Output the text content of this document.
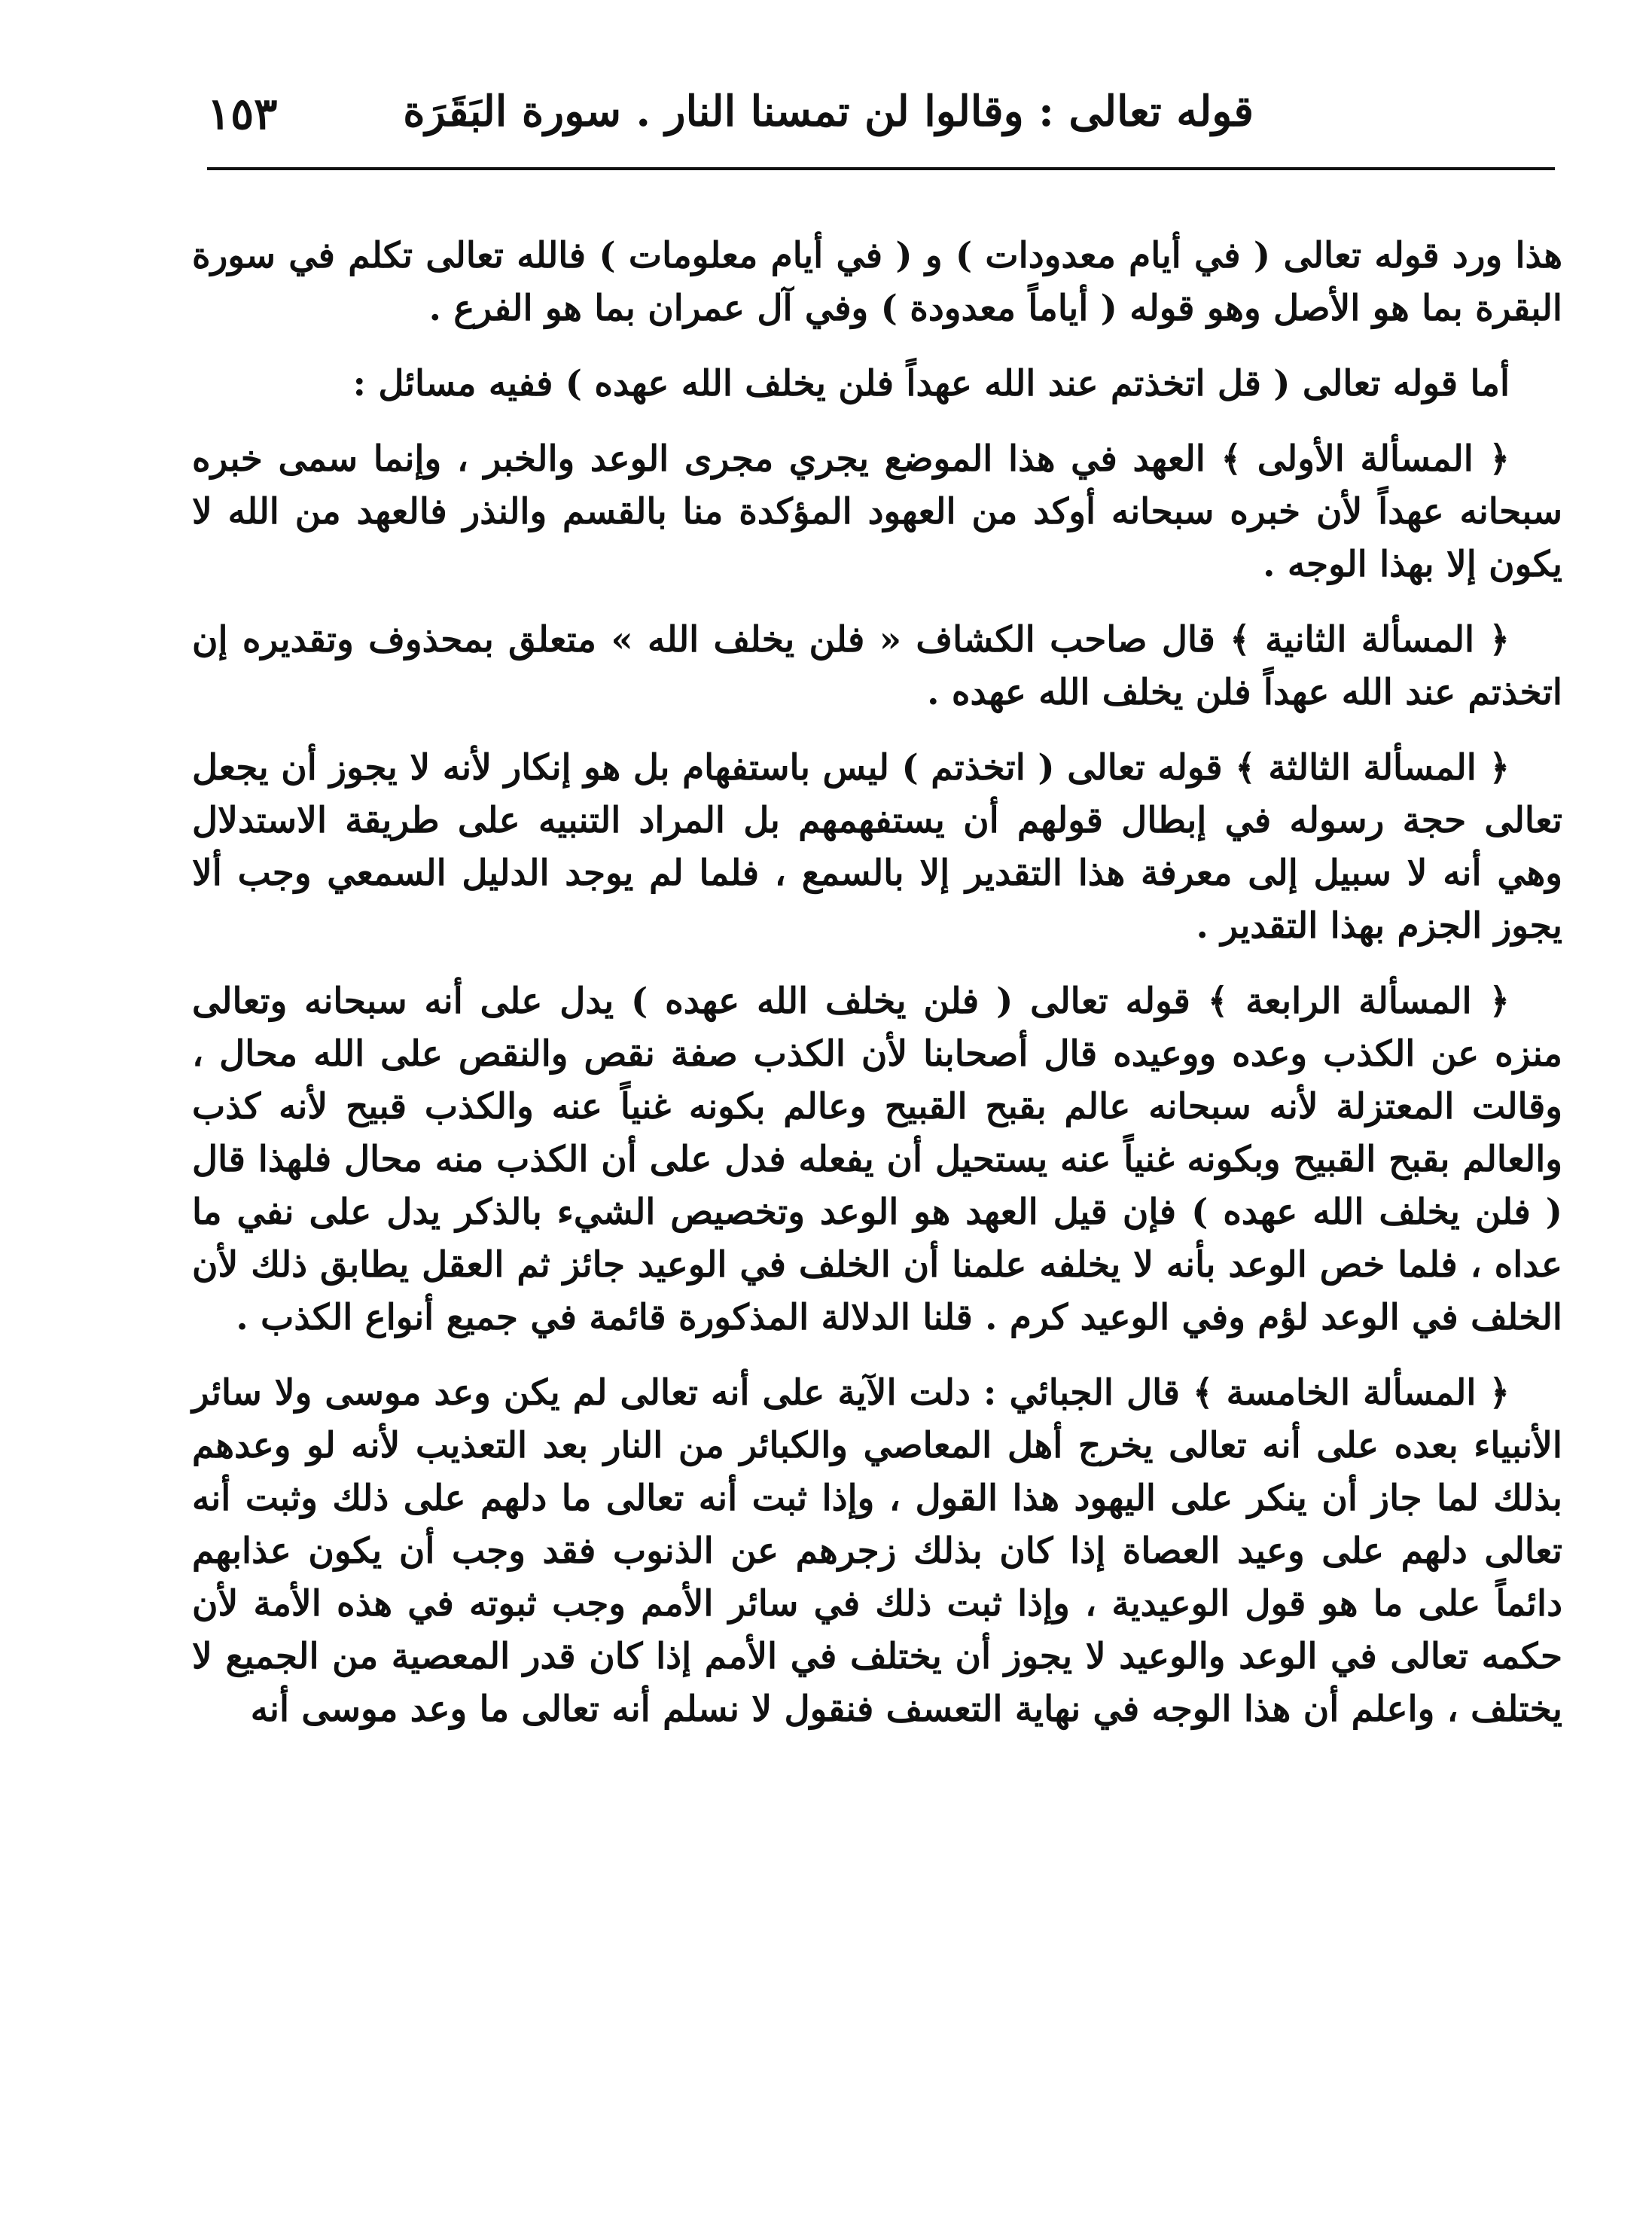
قوله تعالى : وقالوا لن تمسنا النار . سورة البَقَرَة
١٥٣

هذا ورد قوله تعالى ( في أيام معدودات ) و ( في أيام معلومات ) فالله تعالى تكلم في سورة البقرة بما هو الأصل وهو قوله ( أياماً معدودة ) وفي آل عمران بما هو الفرع .

أما قوله تعالى ( قل اتخذتم عند الله عهداً فلن يخلف الله عهده ) ففيه مسائل :

﴿ المسألة الأولى ﴾ العهد في هذا الموضع يجري مجرى الوعد والخبر ، وإنما سمى خبره سبحانه عهداً لأن خبره سبحانه أوكد من العهود المؤكدة منا بالقسم والنذر فالعهد من الله لا يكون إلا بهذا الوجه .

﴿ المسألة الثانية ﴾ قال صاحب الكشاف « فلن يخلف الله » متعلق بمحذوف وتقديره إن اتخذتم عند الله عهداً فلن يخلف الله عهده .

﴿ المسألة الثالثة ﴾ قوله تعالى ( اتخذتم ) ليس باستفهام بل هو إنكار لأنه لا يجوز أن يجعل تعالى حجة رسوله في إبطال قولهم أن يستفهمهم بل المراد التنبيه على طريقة الاستدلال وهي أنه لا سبيل إلى معرفة هذا التقدير إلا بالسمع ، فلما لم يوجد الدليل السمعي وجب ألا يجوز الجزم بهذا التقدير .

﴿ المسألة الرابعة ﴾ قوله تعالى ( فلن يخلف الله عهده ) يدل على أنه سبحانه وتعالى منزه عن الكذب وعده ووعيده قال أصحابنا لأن الكذب صفة نقص والنقص على الله محال ، وقالت المعتزلة لأنه سبحانه عالم بقبح القبيح وعالم بكونه غنياً عنه والكذب قبيح لأنه كذب والعالم بقبح القبيح وبكونه غنياً عنه يستحيل أن يفعله فدل على أن الكذب منه محال فلهذا قال ( فلن يخلف الله عهده ) فإن قيل العهد هو الوعد وتخصيص الشيء بالذكر يدل على نفي ما عداه ، فلما خص الوعد بأنه لا يخلفه علمنا أن الخلف في الوعيد جائز ثم العقل يطابق ذلك لأن الخلف في الوعد لؤم وفي الوعيد كرم . قلنا الدلالة المذكورة قائمة في جميع أنواع الكذب .

﴿ المسألة الخامسة ﴾ قال الجبائي : دلت الآية على أنه تعالى لم يكن وعد موسى ولا سائر الأنبياء بعده على أنه تعالى يخرج أهل المعاصي والكبائر من النار بعد التعذيب لأنه لو وعدهم بذلك لما جاز أن ينكر على اليهود هذا القول ، وإذا ثبت أنه تعالى ما دلهم على ذلك وثبت أنه تعالى دلهم على وعيد العصاة إذا كان بذلك زجرهم عن الذنوب فقد وجب أن يكون عذابهم دائماً على ما هو قول الوعيدية ، وإذا ثبت ذلك في سائر الأمم وجب ثبوته في هذه الأمة لأن حكمه تعالى في الوعد والوعيد لا يجوز أن يختلف في الأمم إذا كان قدر المعصية من الجميع لا يختلف ، واعلم أن هذا الوجه في نهاية التعسف فنقول لا نسلم أنه تعالى ما وعد موسى أنه
